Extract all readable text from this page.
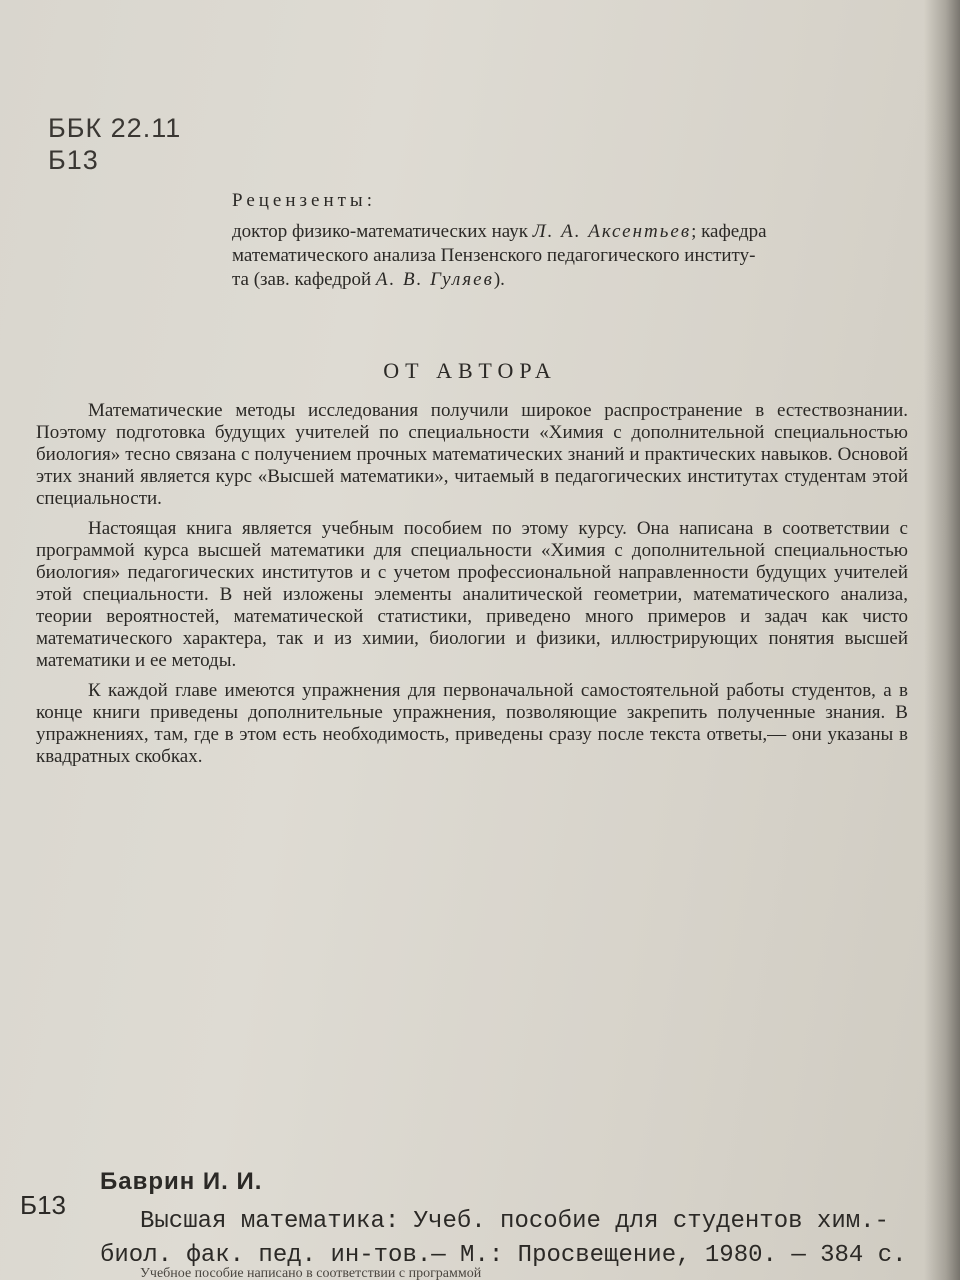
ББК 22.11
Б13
Рецензенты:
доктор физико-математических наук Л. А. Аксентьев; кафедра
математического анализа Пензенского педагогического институ-
та (зав. кафедрой А. В. Гуляев).
ОТ АВТОРА

Математические методы исследования получили широкое распространение в естествознании. Поэтому подготовка будущих учителей по специальности «Химия с дополнительной специальностью биология» тесно связана с получением прочных математических знаний и практических навыков. Основой этих знаний является курс «Высшей математики», читаемый в педагогических институтах студентам этой специальности.

Настоящая книга является учебным пособием по этому курсу. Она написана в соответствии с программой курса высшей математики для специальности «Химия с дополнительной специальностью биология» педагогических институтов и с учетом профессиональной направленности будущих учителей этой специальности. В ней изложены элементы аналитической геометрии, математического анализа, теории вероятностей, математической статистики, приведено много примеров и задач как чисто математического характера, так и из химии, биологии и физики, иллюстрирующих понятия высшей математики и ее методы.

К каждой главе имеются упражнения для первоначальной самостоятельной работы студентов, а в конце книги приведены дополнительные упражнения, позволяющие закрепить полученные знания. В упражнениях, там, где в этом есть необходимость, приведены сразу после текста ответы,— они указаны в квадратных скобках.

Баврин И. И.
Б13
Высшая математика: Учеб. пособие для студентов хим.-
биол. фак. пед. ин-тов.— М.: Просвещение, 1980. — 384 с.
Учебное пособие написано в соответствии с программой
